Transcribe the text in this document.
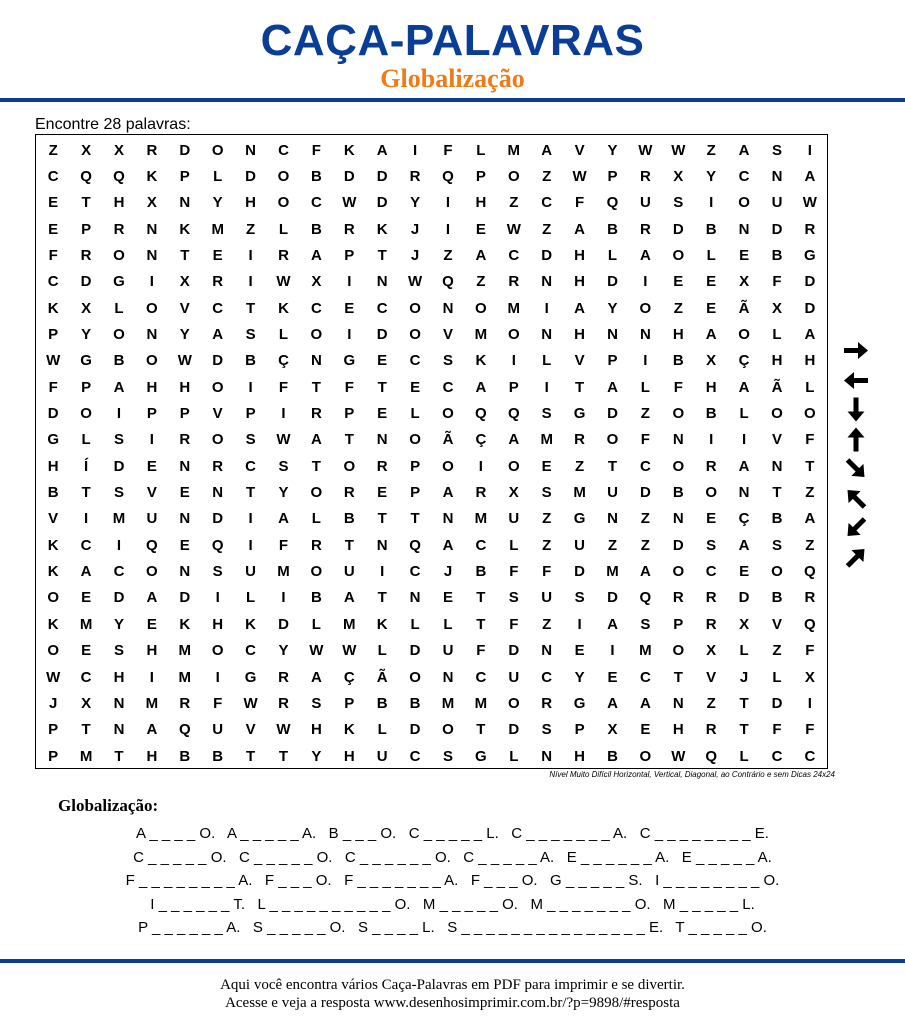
CAÇA-PALAVRAS
Globalização
Encontre 28 palavras:
Z	X	X	R	D	O	N	C	F	K	A	I	F	L	M	A	V	Y	W	W	Z	A	S	I
C	Q	Q	K	P	L	D	O	B	D	D	R	Q	P	O	Z	W	P	R	X	Y	C	N	A
E	T	H	X	N	Y	H	O	C	W	D	Y	I	H	Z	C	F	Q	U	S	I	O	U	W
E	P	R	N	K	M	Z	L	B	R	K	J	I	E	W	Z	A	B	R	D	B	N	D	R
F	R	O	N	T	E	I	R	A	P	T	J	Z	A	C	D	H	L	A	O	L	E	B	G
C	D	G	I	X	R	I	W	X	I	N	W	Q	Z	R	N	H	D	I	E	E	X	F	D
K	X	L	O	V	C	T	K	C	E	C	O	N	O	M	I	A	Y	O	Z	E	Ã	X	D
P	Y	O	N	Y	A	S	L	O	I	D	O	V	M	O	N	H	N	N	H	A	O	L	A
W	G	B	O	W	D	B	Ç	N	G	E	C	S	K	I	L	V	P	I	B	X	Ç	H	H
F	P	A	H	H	O	I	F	T	F	T	E	C	A	P	I	T	A	L	F	H	A	Ã	L
D	O	I	P	P	V	P	I	R	P	E	L	O	Q	Q	S	G	D	Z	O	B	L	O	O
G	L	S	I	R	O	S	W	A	T	N	O	Ã	Ç	A	M	R	O	F	N	I	I	V	F
H	Í	D	E	N	R	C	S	T	O	R	P	O	I	O	E	Z	T	C	O	R	A	N	T
B	T	S	V	E	N	T	Y	O	R	E	P	A	R	X	S	M	U	D	B	O	N	T	Z
V	I	M	U	N	D	I	A	L	B	T	T	N	M	U	Z	G	N	Z	N	E	Ç	B	A
K	C	I	Q	E	Q	I	F	R	T	N	Q	A	C	L	Z	U	Z	Z	D	S	A	S	Z
K	A	C	O	N	S	U	M	O	U	I	C	J	B	F	F	D	M	A	O	C	E	O	Q
O	E	D	A	D	I	L	I	B	A	T	N	E	T	S	U	S	D	Q	R	R	D	B	R
K	M	Y	E	K	H	K	D	L	M	K	L	L	T	F	Z	I	A	S	P	R	X	V	Q
O	E	S	H	M	O	C	Y	W	W	L	D	U	F	D	N	E	I	M	O	X	L	Z	F
W	C	H	I	M	I	G	R	A	Ç	Ã	O	N	C	U	C	Y	E	C	T	V	J	L	X
J	X	N	M	R	F	W	R	S	P	B	B	M	M	O	R	G	A	A	N	Z	T	D	I
P	T	N	A	Q	U	V	W	H	K	L	D	O	T	D	S	P	X	E	H	R	T	F	F
P	M	T	H	B	B	T	T	Y	H	U	C	S	G	L	N	H	B	O	W	Q	L	C	C
Nível Muito Difícil Horizontal, Vertical, Diagonal, ao Contrário e sem Dicas 24x24
Globalização:
A _ _ _ _ O.   A _ _ _ _ _ A.   B _ _ _ O.   C _ _ _ _ _ L.   C _ _ _ _ _ _ _ A.   C _ _ _ _ _ _ _ _ E.
C _ _ _ _ _ O.   C _ _ _ _ _ O.   C _ _ _ _ _ _ O.   C _ _ _ _ _ A.   E _ _ _ _ _ _ A.   E _ _ _ _ _ A.
F _ _ _ _ _ _ _ _ A.   F _ _ _ O.   F _ _ _ _ _ _ _ A.   F _ _ _ O.   G _ _ _ _ _ S.   I _ _ _ _ _ _ _ _ O.
I _ _ _ _ _ _ T.   L _ _ _ _ _ _ _ _ _ _ O.   M _ _ _ _ _ O.   M _ _ _ _ _ _ _ O.   M _ _ _ _ _ L.
P _ _ _ _ _ _ A.   S _ _ _ _ _ O.   S _ _ _ _ L.   S _ _ _ _ _ _ _ _ _ _ _ _ _ _ _ E.   T _ _ _ _ _ O.
Aqui você encontra vários Caça-Palavras em PDF para imprimir e se divertir.
Acesse e veja a resposta www.desenhosimprimir.com.br/?p=9898/#resposta
